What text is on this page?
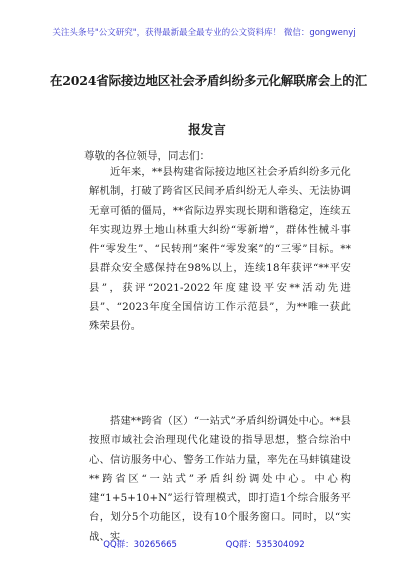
关注头条号"公文研究"，获得最新最全最专业的公文资料库！ 微信：gongwenyj
在2024省际接边地区社会矛盾纠纷多元化解联席会上的汇
报发言
尊敬的各位领导，同志们：
近年来，**县构建省际接边地区社会矛盾纠纷多元化解机制，打破了跨省区民间矛盾纠纷无人牵头、无法协调无章可循的僵局，**省际边界实现长期和谐稳定，连续五年实现边界土地山林重大纠纷“零新增”，群体性械斗事件“零发生”、“民转刑”案件“零发案”的“三零”目标。**县群众安全感保持在98%以上，连续18年获评“**平安县”，获评“2021-2022年度建设平安**活动先进县”、“2023年度全国信访工作示范县”，为**唯一获此殊荣县份。
搭建**跨省（区）“一站式”矛盾纠纷调处中心。**县按照市域社会治理现代化建设的指导思想，整合综治中心、信访服务中心、警务工作站力量，率先在马蚌镇建设**跨省区“一站式”矛盾纠纷调处中心。中心构建“1+5+10+N”运行管理模式，即打造1个综合服务平台，划分5个功能区，设有10个服务窗口。同时，以“实战、实
QQ群：30265665	QQ群：535304092
